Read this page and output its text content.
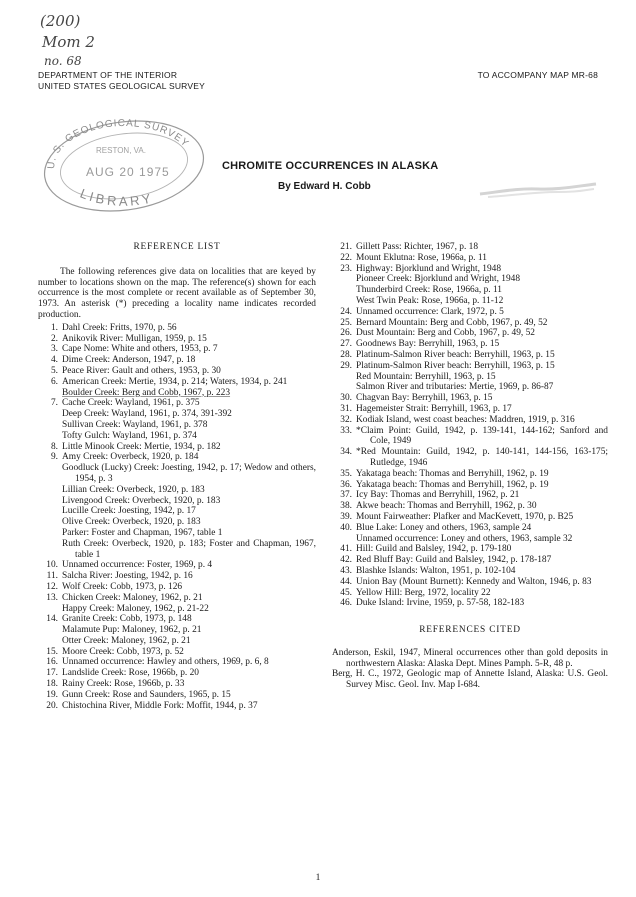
(200)
Mom 2
no. 68
DEPARTMENT OF THE INTERIOR
UNITED STATES GEOLOGICAL SURVEY
TO ACCOMPANY MAP MR-68
U. S. GEOLOGICAL SURVEY
RESTON, VA.
AUG 20 1975
LIBRARY
CHROMITE OCCURRENCES IN ALASKA
By Edward H. Cobb
REFERENCE LIST

The following references give data on localities that are keyed by number to locations shown on the map. The reference(s) shown for each occurrence is the most complete or recent available as of September 30, 1973. An asterisk (*) preceding a locality name indicates recorded production.

1. Dahl Creek: Fritts, 1970, p. 56
2. Anikovik River: Mulligan, 1959, p. 15
3. Cape Nome: White and others, 1953, p. 7
4. Dime Creek: Anderson, 1947, p. 18
5. Peace River: Gault and others, 1953, p. 30
6. American Creek: Mertie, 1934, p. 214; Waters, 1934, p. 241
Boulder Creek: Berg and Cobb, 1967, p. 223
7. Cache Creek: Wayland, 1961, p. 375
Deep Creek: Wayland, 1961, p. 374, 391-392
Sullivan Creek: Wayland, 1961, p. 378
Tofty Gulch: Wayland, 1961, p. 374
8. Little Minook Creek: Mertie, 1934, p. 182
9. Amy Creek: Overbeck, 1920, p. 184
Goodluck (Lucky) Creek: Joesting, 1942, p. 17; Wedow and others, 1954, p. 3
Lillian Creek: Overbeck, 1920, p. 183
Livengood Creek: Overbeck, 1920, p. 183
Lucille Creek: Joesting, 1942, p. 17
Olive Creek: Overbeck, 1920, p. 183
Parker: Foster and Chapman, 1967, table 1
Ruth Creek: Overbeck, 1920, p. 183; Foster and Chapman, 1967, table 1
10. Unnamed occurrence: Foster, 1969, p. 4
11. Salcha River: Joesting, 1942, p. 16
12. Wolf Creek: Cobb, 1973, p. 126
13. Chicken Creek: Maloney, 1962, p. 21
Happy Creek: Maloney, 1962, p. 21-22
14. Granite Creek: Cobb, 1973, p. 148
Malamute Pup: Maloney, 1962, p. 21
Otter Creek: Maloney, 1962, p. 21
15. Moore Creek: Cobb, 1973, p. 52
16. Unnamed occurrence: Hawley and others, 1969, p. 6, 8
17. Landslide Creek: Rose, 1966b, p. 20
18. Rainy Creek: Rose, 1966b, p. 33
19. Gunn Creek: Rose and Saunders, 1965, p. 15
20. Chistochina River, Middle Fork: Moffit, 1944, p. 37
21. Gillett Pass: Richter, 1967, p. 18
22. Mount Eklutna: Rose, 1966a, p. 11
23. Highway: Bjorklund and Wright, 1948
Pioneer Creek: Bjorklund and Wright, 1948
Thunderbird Creek: Rose, 1966a, p. 11
West Twin Peak: Rose, 1966a, p. 11-12
24. Unnamed occurrence: Clark, 1972, p. 5
25. Bernard Mountain: Berg and Cobb, 1967, p. 49, 52
26. Dust Mountain: Berg and Cobb, 1967, p. 49, 52
27. Goodnews Bay: Berryhill, 1963, p. 15
28. Platinum-Salmon River beach: Berryhill, 1963, p. 15
29. Platinum-Salmon River beach: Berryhill, 1963, p. 15
Red Mountain: Berryhill, 1963, p. 15
Salmon River and tributaries: Mertie, 1969, p. 86-87
30. Chagvan Bay: Berryhill, 1963, p. 15
31. Hagemeister Strait: Berryhill, 1963, p. 17
32. Kodiak Island, west coast beaches: Maddren, 1919, p. 316
33. *Claim Point: Guild, 1942, p. 139-141, 144-162; Sanford and Cole, 1949
34. *Red Mountain: Guild, 1942, p. 140-141, 144-156, 163-175; Rutledge, 1946
35. Yakataga beach: Thomas and Berryhill, 1962, p. 19
36. Yakataga beach: Thomas and Berryhill, 1962, p. 19
37. Icy Bay: Thomas and Berryhill, 1962, p. 21
38. Akwe beach: Thomas and Berryhill, 1962, p. 30
39. Mount Fairweather: Plafker and MacKevett, 1970, p. B25
40. Blue Lake: Loney and others, 1963, sample 24
Unnamed occurrence: Loney and others, 1963, sample 32
41. Hill: Guild and Balsley, 1942, p. 179-180
42. Red Bluff Bay: Guild and Balsley, 1942, p. 178-187
43. Blashke Islands: Walton, 1951, p. 102-104
44. Union Bay (Mount Burnett): Kennedy and Walton, 1946, p. 83
45. Yellow Hill: Berg, 1972, locality 22
46. Duke Island: Irvine, 1959, p. 57-58, 182-183
REFERENCES CITED
Anderson, Eskil, 1947, Mineral occurrences other than gold deposits in northwestern Alaska: Alaska Dept. Mines Pamph. 5-R, 48 p.
Berg, H. C., 1972, Geologic map of Annette Island, Alaska: U.S. Geol. Survey Misc. Geol. Inv. Map I-684.
1
